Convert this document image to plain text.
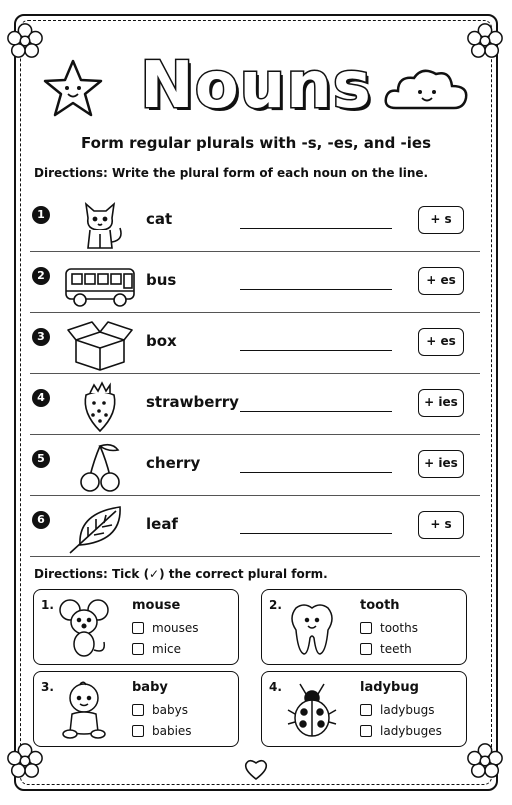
Nouns
Form regular plurals with -s, -es, and -ies
Directions: Write the plural form of each noun on the line.
1	cat	+ s
2	bus	+ es
3	box	+ es
4	strawberry	+ ies
5	cherry	+ ies
6	leaf	+ s
Directions: Tick (✓) the correct plural form.
1.	mouse
mouses
mice
2.	tooth
tooths
teeth
3.	baby
babys
babies
4.	ladybug
ladybugs
ladybuges
